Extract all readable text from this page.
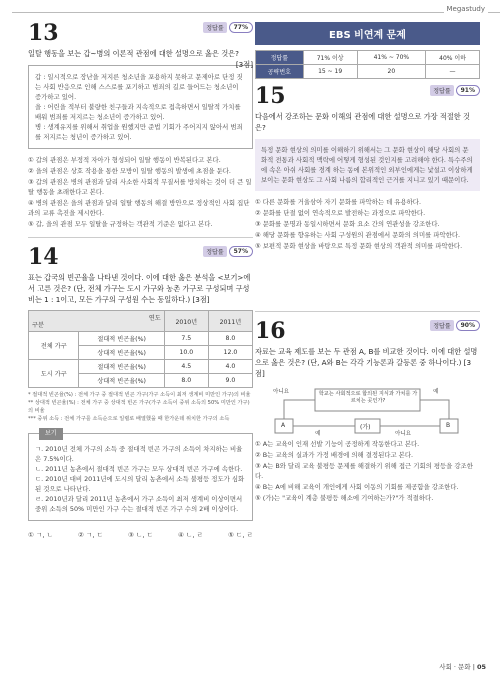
Megastudy
13	정답률	77%
일탈 행동을 보는 갑~병의 이론적 관점에 대한 설명으로 옳은 것은?
[3점]
갑 : 일시적으로 장난을 저지른 청소년을 포용하지 못하고 문제아로 단정 짓는 사회 반응으로 인해 스스로를 포기하고 범죄의 길로 들어드는 청소년이 증가하고 있어.
을 : 어린을 적부터 불량한 친구들과 지속적으로 접촉하면서 일탈적 가치를 배워 범죄를 저지르는 청소년이 증가하고 있어.
병 : 생계유지를 위해서 취업을 원했지만 준법 기회가 주어지지 않아서 범죄를 저지르는 청년이 증가하고 있어.
① 갑의 관점은 부정적 자아가 형성되어 일탈 행동이 반복된다고 본다.
② 을의 관점은 상호 작용을 통한 모방이 일탈 행동의 발생에 초점을 둔다.
③ 갑의 관점은 병의 관점과 달리 사소한 사회적 무질서를 방치하는 것이 더 큰 일탈 행동을 초래한다고 본다.
④ 병의 관점은 을의 관점과 달리 일탈 행동의 해결 방안으로 정상적인 사회 집단과의 교류 촉진을 제시한다.
⑤ 갑, 을의 관점 모두 일탈을 규정하는 객관적 기준은 없다고 본다.
14	정답률	57%
표는 갑국의 빈곤율을 나타낸 것이다. 이에 대한 옳은 분석을 <보기>에서 고른 것은? (단, 전체 가구는 도시 가구와 농촌 가구로 구성되며 구성비는 1 : 1이고, 모든 가구의 구성원 수는 동일하다.) [3점]
연도

구분		2010년	2011년
전체 가구	절대적 빈곤율(%)	7.5	8.0
	상대적 빈곤율(%)	10.0	12.0
도시 가구	절대적 빈곤율(%)	4.5	4.0
	상대적 빈곤율(%)	8.0	9.0
* 절대적 빈곤율(%) : 전체 가구 중 절대적 빈곤 가구(가구 소득이 최저 생계비 미만인 가구)의 비율
** 상대적 빈곤율(%) : 전체 가구 중 상대적 빈곤 가구(가구 소득이 중위 소득의 50% 미만인 가구)의 비율
*** 중위 소득 : 전체 가구를 소득순으로 일렬로 배열했을 때 한가운데 위치한 가구의 소득
보기
ㄱ. 2010년 전체 가구의 소득 중 절대적 빈곤 가구의 소득이 차지하는 비율은 7.5%이다.
ㄴ. 2011년 농촌에서 절대적 빈곤 가구는 모두 상대적 빈곤 가구에 속한다.
ㄷ. 2010년 대비 2011년에 도시의 달리 농촌에서 소득 불평등 정도가 심화된 것으로 나타난다.
ㄹ. 2010년과 달리 2011년 농촌에서 가구 소득이 최저 생계비 이상이면서 중위 소득의 50% 미만인 가구 수는 절대적 빈곤 가구 수의 2배 이상이다.
① ㄱ, ㄴ	② ㄱ, ㄷ	③ ㄴ, ㄷ	④ ㄴ, ㄹ	⑤ ㄷ, ㄹ
EBS 비연계 문제
정답률	71% 이상	41% ~ 70%	40% 이하
공략번호	15 ~ 19	20	—
15	정답률	91%
다음에서 강조하는 문화 이해의 관점에 대한 설명으로 가장 적절한 것은?
특정 문화 현상의 의미를 이해하기 위해서는 그 문화 현상이 해당 사회의 문화적 전통과 사회적 맥락에 어떻게 형성된 것인지를 고려해야 한다. 특수주의에 속은 아쉬 사회를 경계 하는 동에 본위적인 외부인에게는 낯설고 이상하게 보이는 문화 현상도 그 사회 나름의 합리적인 근거를 지니고 있기 때문이다.
① 다른 문화를 거울삼아 자기 문화를 파악하는 데 유용하다.
② 문화를 단절 없이 연속적으로 발전하는 과정으로 파악한다.
③ 문화를 문명과 동일시하면서 문화 요소 간의 연관성을 강조한다.
④ 해당 문화를 향유하는 사회 구성원의 관점에서 문화의 의미를 파악한다.
⑤ 보편적 문화 현상을 바탕으로 특정 문화 현상의 객관적 의미를 파악한다.
16	정답률	90%
자료는 교육 제도를 보는 두 관점 A, B를 비교한 것이다. 이에 대한 설명으로 옳은 것은? (단, A와 B는 각각 기능론과 갈등론 중 하나이다.) [3점]
아니요	예
학교는 사회적으로 합의된 지식과 가치를 가르치는 곳인가?
A	(가)	B
예	아니요
① A는 교육이 인재 선발 기능이 공정하게 작동한다고 본다.
② B는 교육의 실과가 가정 배경에 의해 결정된다고 본다.
③ A는 B와 달리 교육 불평등 문제를 해결하기 위해 접근 기회의 평등을 강조한다.
④ B는 A에 비해 교육이 개인에게 사회 이동의 기회를 제공함을 강조한다.
⑤ (가)는 "교육이 계층 불평등 해소에 기여하는가?"가 적절하다.
사회 · 문화 | 05
